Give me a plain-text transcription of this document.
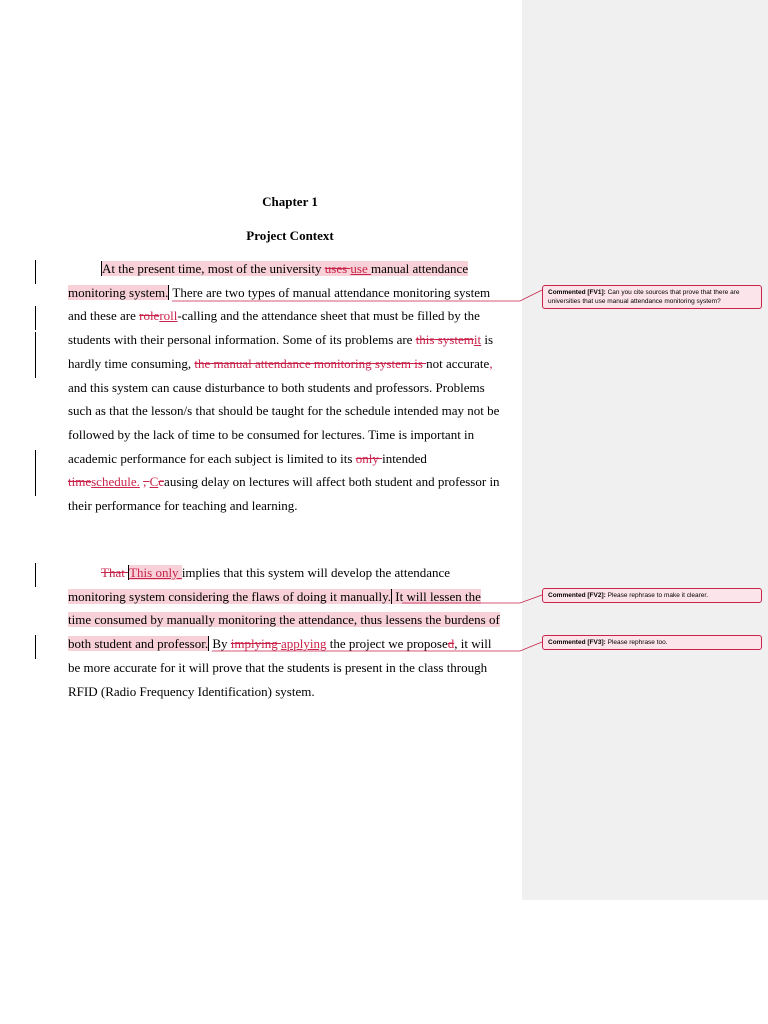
Chapter 1
Project Context
At the present time, most of the university uses use manual attendance
monitoring system. There are two types of manual attendance monitoring system
and these are roleroll-calling and the attendance sheet that must be filled by the
students with their personal information. Some of its problems are this systemit is
hardly time consuming, the manual attendance monitoring system is not accurate,
and this system can cause disturbance to both students and professors. Problems
such as that the lesson/s that should be taught for the schedule intended may not be
followed by the lack of time to be consumed for lectures. Time is important in
academic performance for each subject is limited to its only intended
timeschedule. , Ccausing delay on lectures will affect both student and professor in
their performance for teaching and learning.
That This only implies that this system will develop the attendance
monitoring system considering the flaws of doing it manually. It will lessen the
time consumed by manually monitoring the attendance, thus lessens the burdens of
both student and professor. By implying applying the project we proposed, it will
be more accurate for it will prove that the students is present in the class through
RFID (Radio Frequency Identification) system.
Commented [FV1]: Can you cite sources that prove that there are universities that use manual attendance monitoring system?
Commented [FV2]: Please rephrase to make it clearer.
Commented [FV3]: Please rephrase too.
